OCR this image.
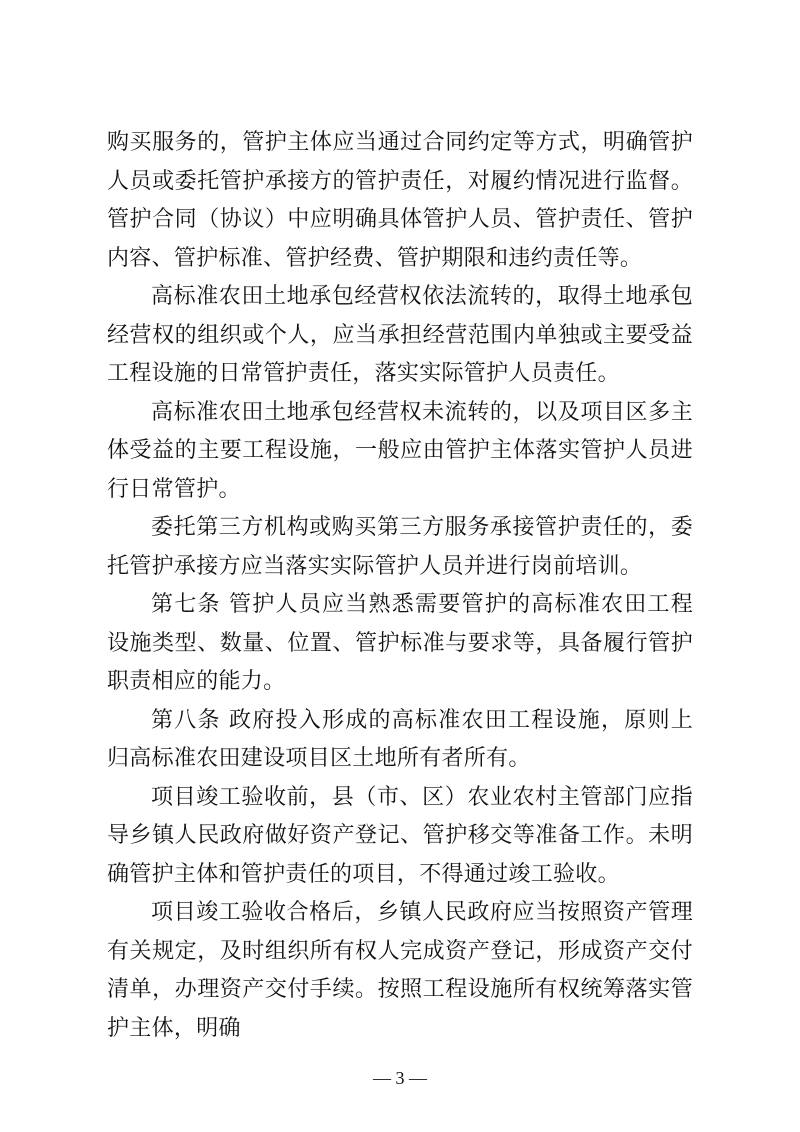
购买服务的，管护主体应当通过合同约定等方式，明确管护人员或委托管护承接方的管护责任，对履约情况进行监督。管护合同（协议）中应明确具体管护人员、管护责任、管护内容、管护标准、管护经费、管护期限和违约责任等。

高标准农田土地承包经营权依法流转的，取得土地承包经营权的组织或个人，应当承担经营范围内单独或主要受益工程设施的日常管护责任，落实实际管护人员责任。

高标准农田土地承包经营权未流转的，以及项目区多主体受益的主要工程设施，一般应由管护主体落实管护人员进行日常管护。

委托第三方机构或购买第三方服务承接管护责任的，委托管护承接方应当落实实际管护人员并进行岗前培训。

第七条 管护人员应当熟悉需要管护的高标准农田工程设施类型、数量、位置、管护标准与要求等，具备履行管护职责相应的能力。

第八条 政府投入形成的高标准农田工程设施，原则上归高标准农田建设项目区土地所有者所有。

项目竣工验收前，县（市、区）农业农村主管部门应指导乡镇人民政府做好资产登记、管护移交等准备工作。未明确管护主体和管护责任的项目，不得通过竣工验收。

项目竣工验收合格后，乡镇人民政府应当按照资产管理有关规定，及时组织所有权人完成资产登记，形成资产交付清单，办理资产交付手续。按照工程设施所有权统筹落实管护主体，明确

— 3 —
